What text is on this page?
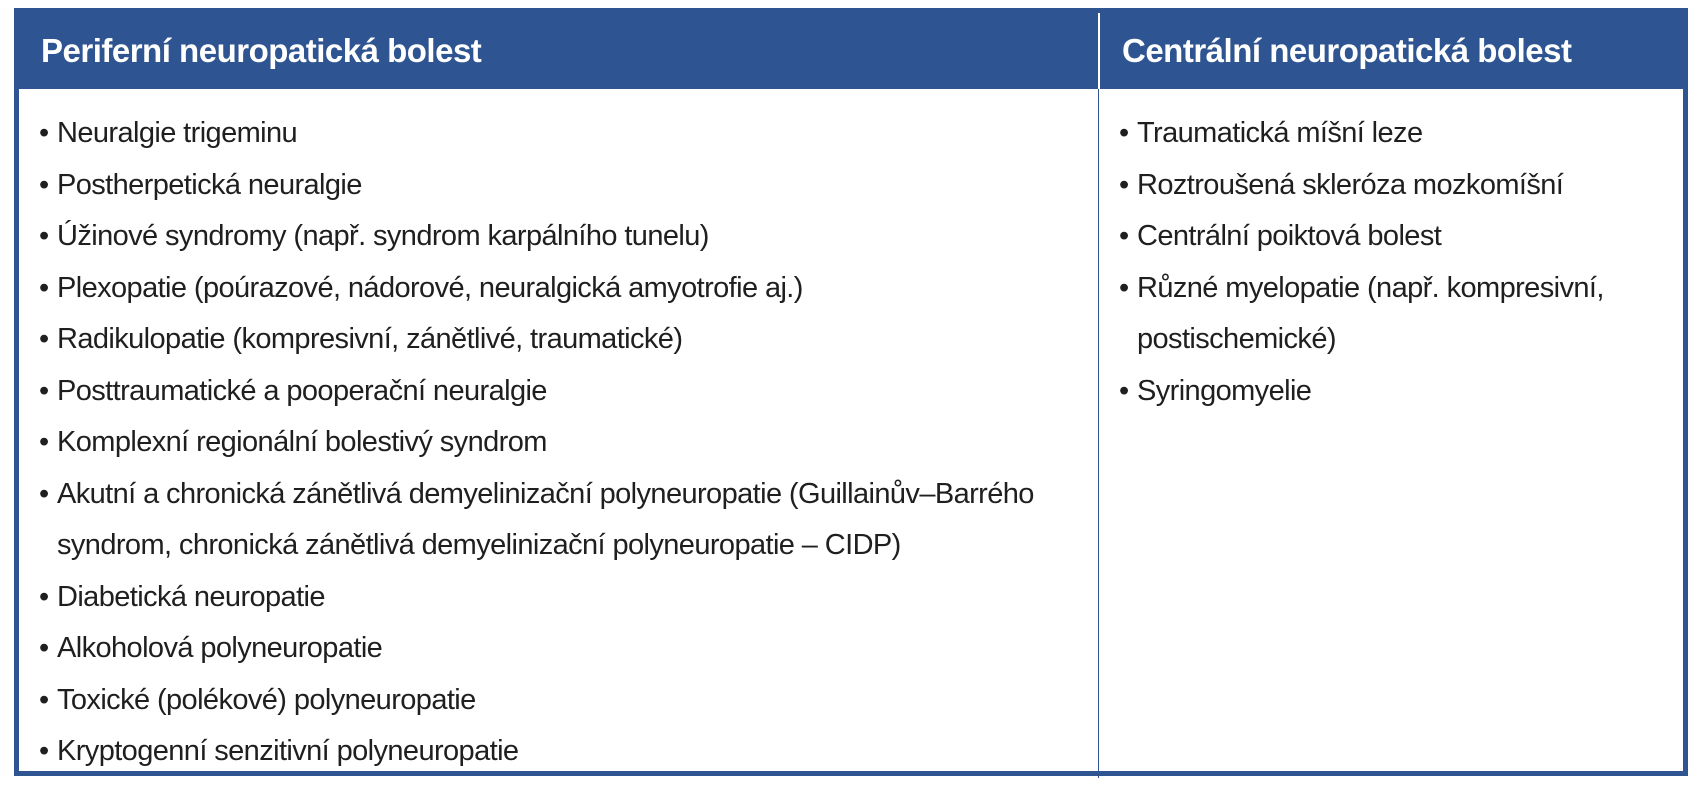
Periferní neuropatická bolest	Centrální neuropatická bolest
• Neuralgie trigeminu
• Postherpetická neuralgie
• Úžinové syndromy (např. syndrom karpálního tunelu)
• Plexopatie (poúrazové, nádorové, neuralgická amyotrofie aj.)
• Radikulopatie (kompresivní, zánětlivé, traumatické)
• Posttraumatické a pooperační neuralgie
• Komplexní regionální bolestivý syndrom
• Akutní a chronická zánětlivá demyelinizační polyneuropatie (Guillainův–Barrého syndrom, chronická zánětlivá demyelinizační polyneuropatie – CIDP)
• Diabetická neuropatie
• Alkoholová polyneuropatie
• Toxické (polékové) polyneuropatie
• Kryptogenní senzitivní polyneuropatie
• Traumatická míšní leze
• Roztroušená skleróza mozkomíšní
• Centrální poiktová bolest
• Různé myelopatie (např. kompresivní, postischemické)
• Syringomyelie
